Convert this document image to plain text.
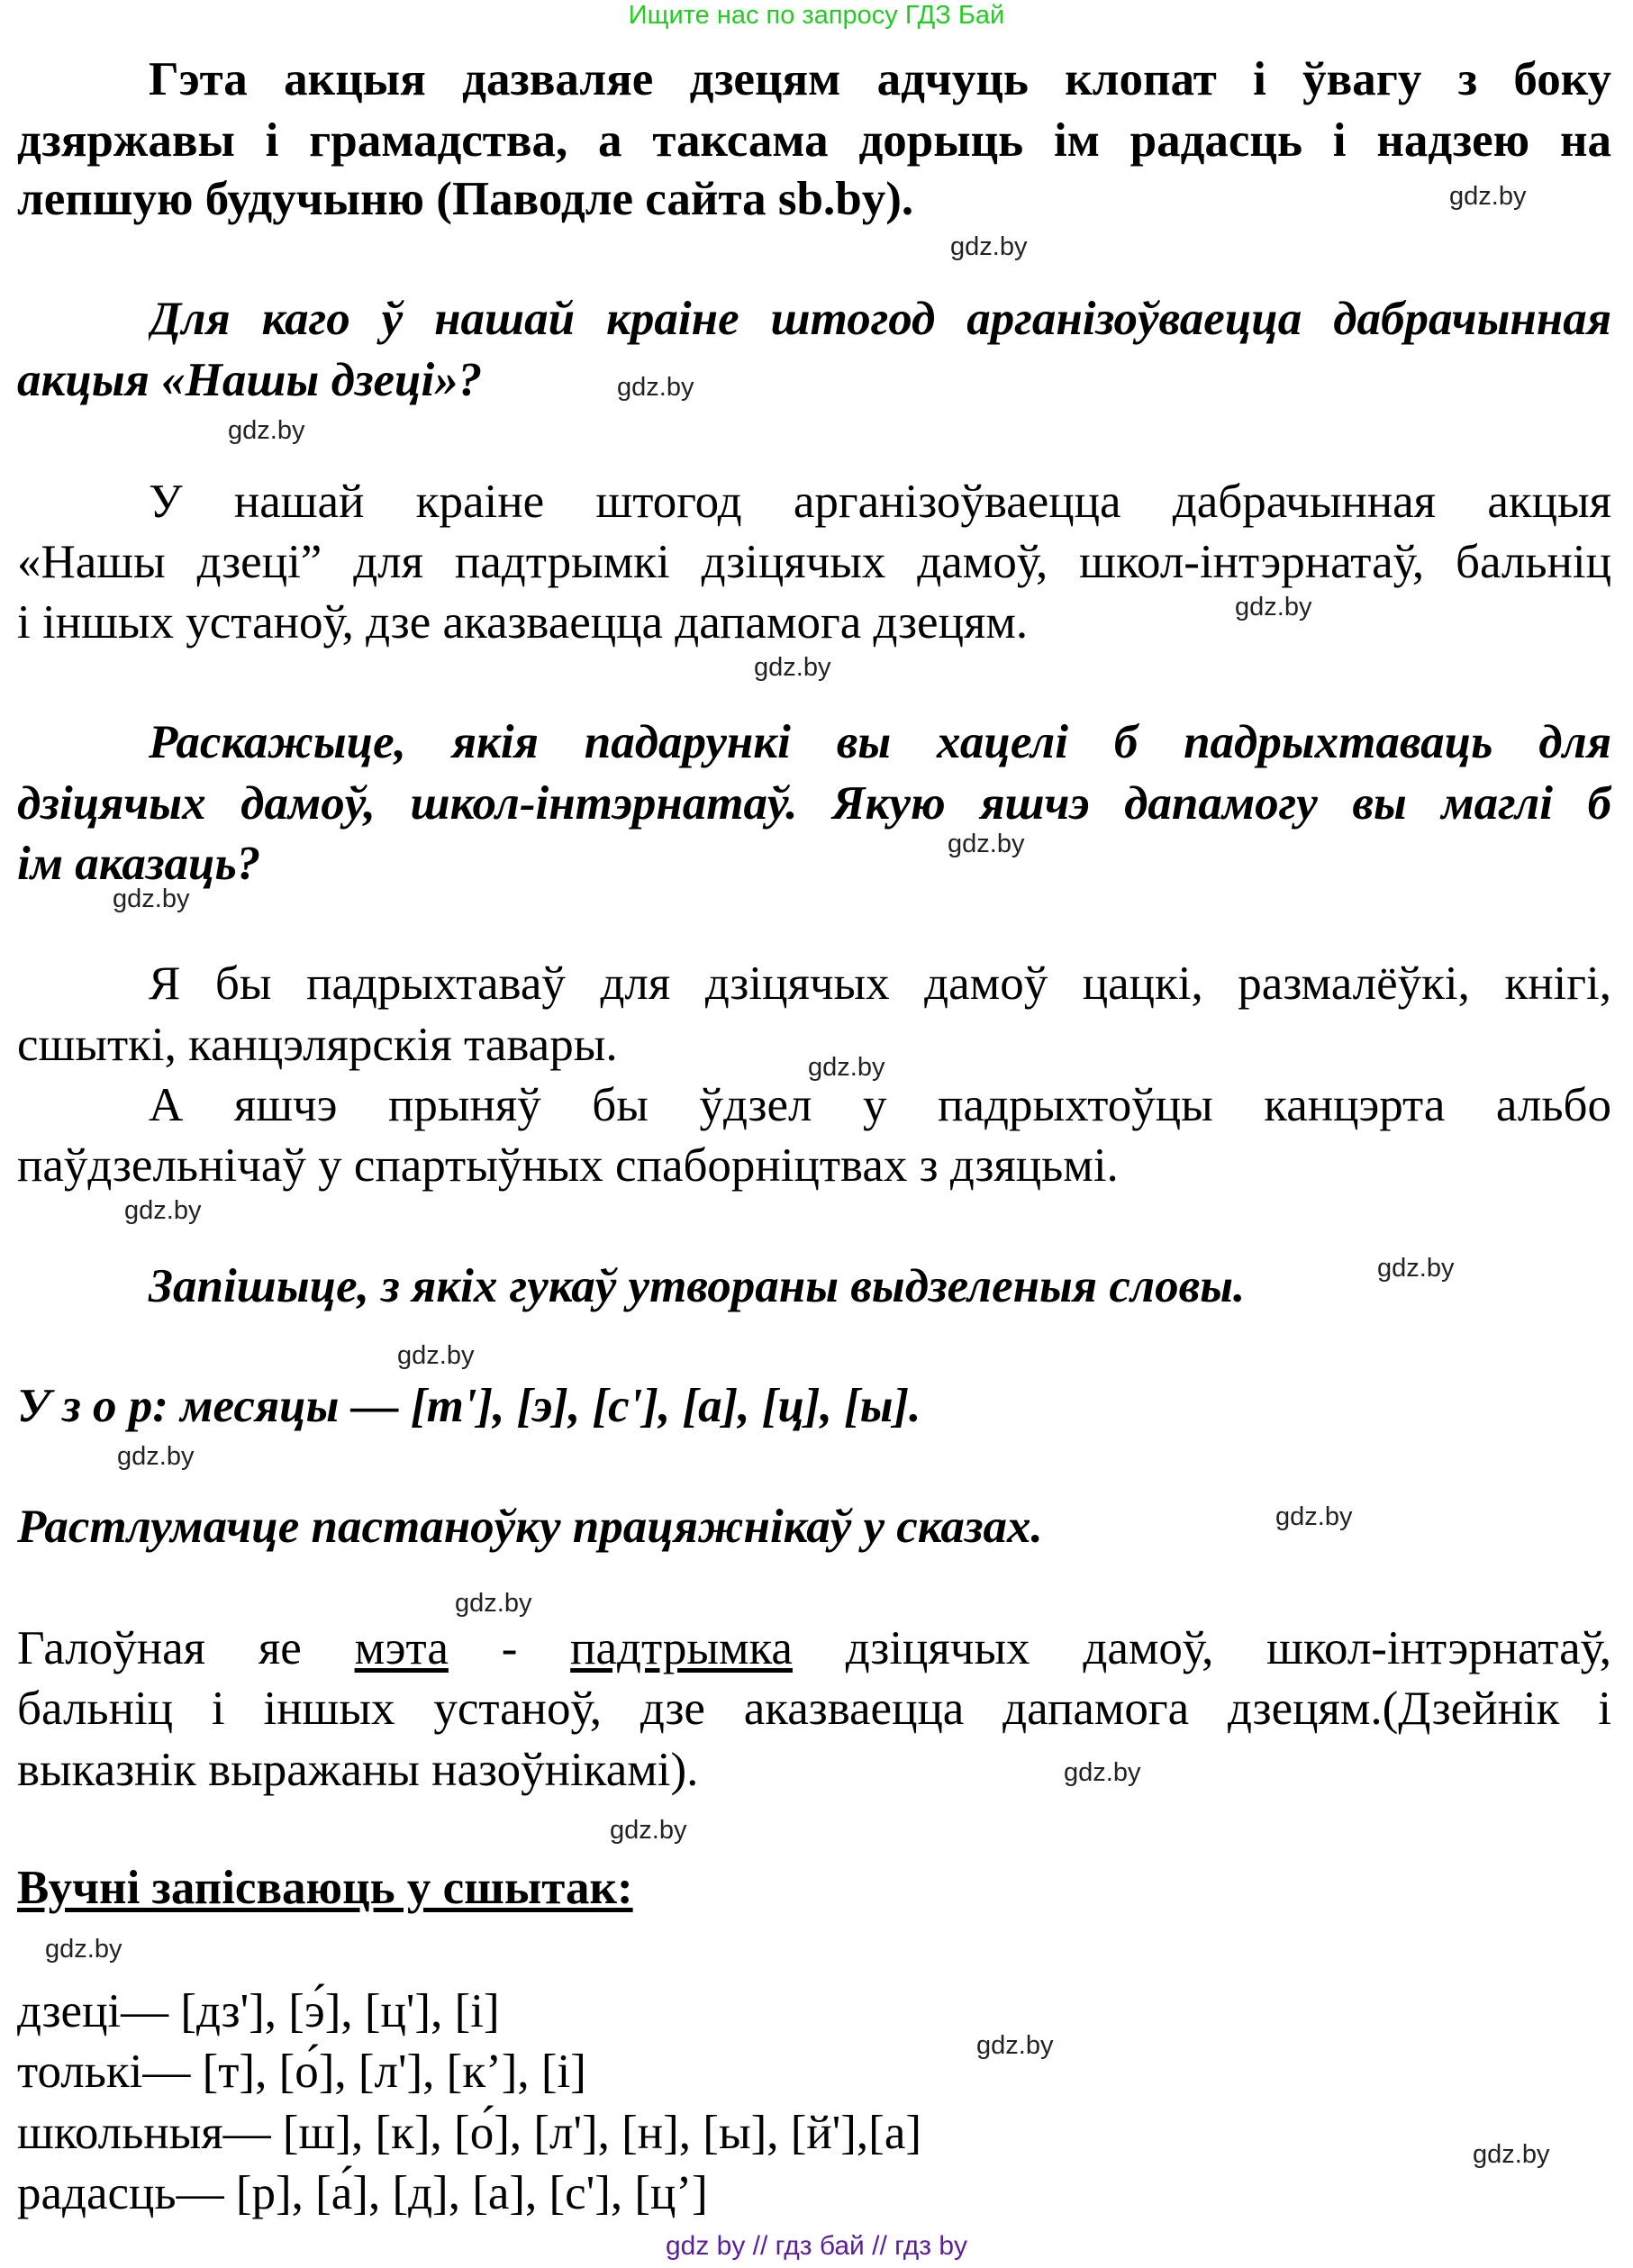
Ищите нас по запросу ГДЗ Бай
Гэта акцыя дазваляе дзецям адчуць клопат і ўвагу з боку
дзяржавы і грамадства, а таксама дорыць ім радасць і надзею на
лепшую будучыню (Паводле сайта sb.by).
Для каго ў нашай краіне штогод арганізоўваецца дабрачынная
акцыя «Нашы дзеці»?
У нашай краіне штогод арганізоўваецца дабрачынная акцыя
«Нашы дзеці” для падтрымкі дзіцячых дамоў, школ-інтэрнатаў, бальніц
і іншых устаноў, дзе аказваецца дапамога дзецям.
Раскажыце, якія падарункі вы хацелі б падрыхтаваць для
дзіцячых дамоў, школ-інтэрнатаў. Якую яшчэ дапамогу вы маглі б
ім аказаць?
Я бы падрыхтаваў для дзіцячых дамоў цацкі, размалёўкі, кнігі,
сшыткі, канцэлярскія тавары.
А яшчэ прыняў бы ўдзел у падрыхтоўцы канцэрта альбо
паўдзельнічаў у спартыўных спаборніцтвах з дзяцьмі.
Запішыце, з якіх гукаў утвораны выдзеленыя словы.
У з о р: месяцы — [т'], [э], [с'], [а], [ц], [ы].
Растлумачце пастаноўку працяжнікаў у сказах.
Галоўная яе мэта - падтрымка дзіцячых дамоў, школ-інтэрнатаў,
бальніц і іншых устаноў, дзе аказваецца дапамога дзецям.(Дзейнік і
выказнік выражаны назоўнікамі).
Вучні запісваюць у сшытак:
дзеці— [дз'], [э́], [ц'], [і]
толькі— [т], [о́], [л'], [к’], [і]
школьныя— [ш], [к], [о́], [л'], [н], [ы], [й'],[а]
радасць— [р], [а́], [д], [а], [с'], [ц’]
gdz.by
gdz.by
gdz.by
gdz.by
gdz.by
gdz.by
gdz.by
gdz.by
gdz.by
gdz.by
gdz.by
gdz.by
gdz.by
gdz.by
gdz.by
gdz.by
gdz.by
gdz.by
gdz.by
gdz.by
gdz by // гдз бай // гдз by
